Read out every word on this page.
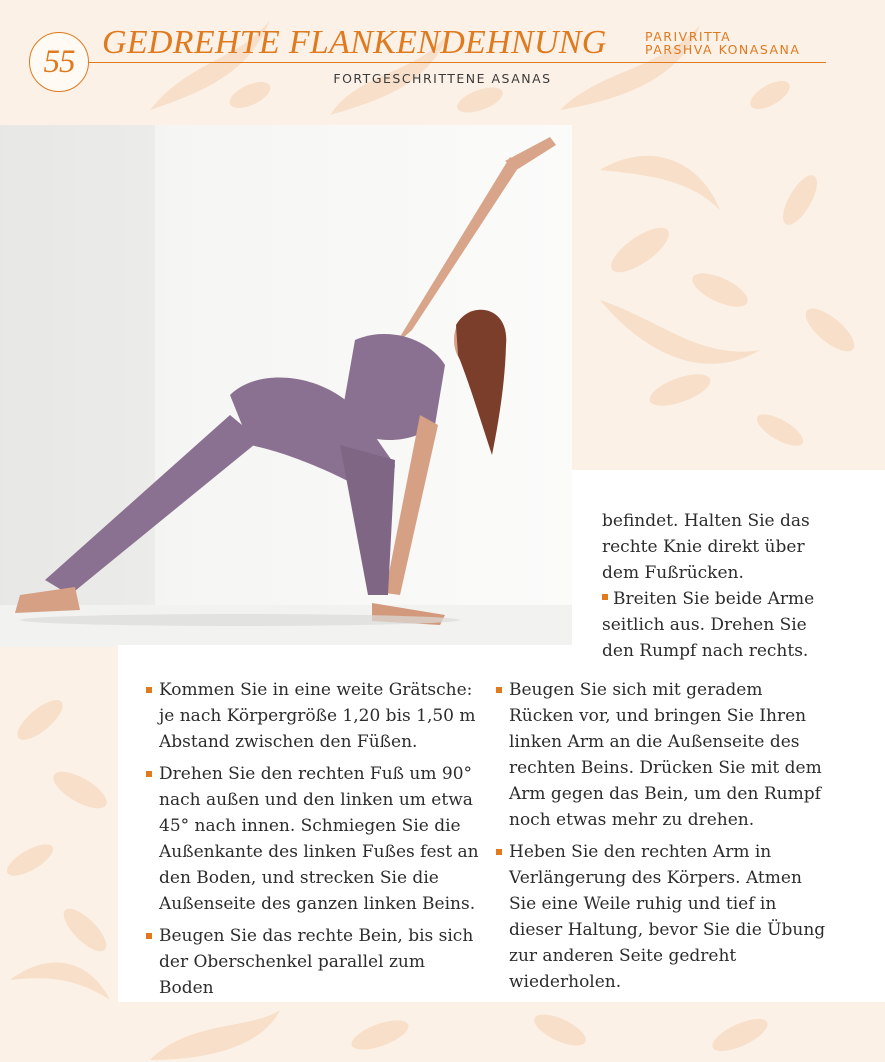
55
GEDREHTE FLANKENDEHNUNG	PARIVRITTA
PARSHVA KONASANA
FORTGESCHRITTENE ASANAS

befindet. Halten Sie das rechte Knie direkt über dem Fußrücken.

Breiten Sie beide Arme seitlich aus. Drehen Sie den Rumpf nach rechts.

Kommen Sie in eine weite Grätsche: je nach Körpergröße 1,20 bis 1,50 m Abstand zwischen den Füßen.
Drehen Sie den rechten Fuß um 90° nach außen und den linken um etwa 45° nach innen. Schmiegen Sie die Außenkante des linken Fußes fest an den Boden, und strecken Sie die Außenseite des ganzen linken Beins.
Beugen Sie das rechte Bein, bis sich der Oberschenkel parallel zum Boden
Beugen Sie sich mit geradem Rücken vor, und bringen Sie Ihren linken Arm an die Außenseite des rechten Beins. Drücken Sie mit dem Arm gegen das Bein, um den Rumpf noch etwas mehr zu drehen.
Heben Sie den rechten Arm in Verlängerung des Körpers. Atmen Sie eine Weile ruhig und tief in dieser Haltung, bevor Sie die Übung zur anderen Seite gedreht wiederholen.
